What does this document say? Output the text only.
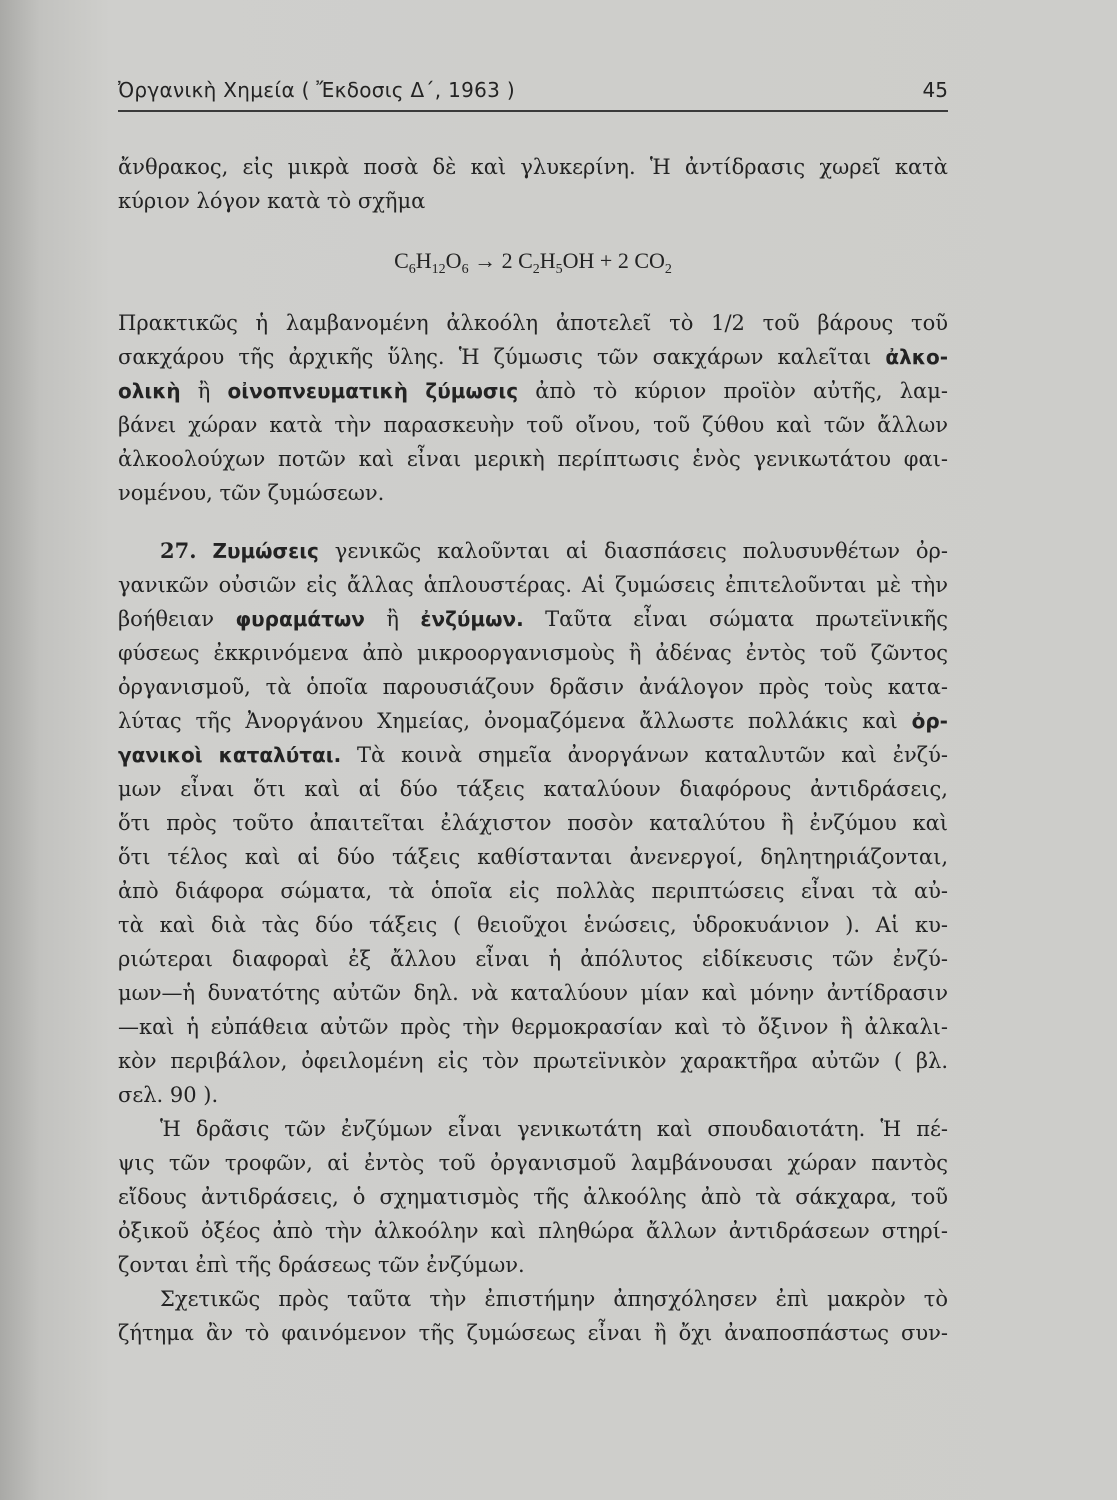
Ὀργανικὴ Χημεία ( Ἔκδοσις Δ΄, 1963 )	45
ἄνθρακος, εἰς μικρὰ ποσὰ δὲ καὶ γλυκερίνη. Ἡ ἀντίδρασις χωρεῖ κατὰ
κύριον λόγον κατὰ τὸ σχῆμα
$C_6H_{12}O_6 \to 2$ $C_2H_5OH + 2$ $CO_2$
Πρακτικῶς ἡ λαμβανομένη ἀλκοόλη ἀποτελεῖ τὸ 1/2 τοῦ βάρους τοῦ
σακχάρου τῆς ἀρχικῆς ὕλης. Ἡ ζύμωσις τῶν σακχάρων καλεῖται ἀλκο-
ολικὴ ἢ οἰνοπνευματικὴ ζύμωσις ἀπὸ τὸ κύριον προϊὸν αὐτῆς, λαμ-
βάνει χώραν κατὰ τὴν παρασκευὴν τοῦ οἴνου, τοῦ ζύθου καὶ τῶν ἄλλων
ἀλκοολούχων ποτῶν καὶ εἶναι μερικὴ περίπτωσις ἑνὸς γενικωτάτου φαι-
νομένου, τῶν ζυμώσεων.
27. Ζυμώσεις γενικῶς καλοῦνται αἱ διασπάσεις πολυσυνθέτων ὀρ-
γανικῶν οὐσιῶν εἰς ἄλλας ἁπλουστέρας. Αἱ ζυμώσεις ἐπιτελοῦνται μὲ τὴν
βοήθειαν φυραμάτων ἢ ἐνζύμων. Ταῦτα εἶναι σώματα πρωτεϊνικῆς
φύσεως ἐκκρινόμενα ἀπὸ μικροοργανισμοὺς ἢ ἀδένας ἐντὸς τοῦ ζῶντος
ὀργανισμοῦ, τὰ ὁποῖα παρουσιάζουν δρᾶσιν ἀνάλογον πρὸς τοὺς κατα-
λύτας τῆς Ἀνοργάνου Χημείας, ὀνομαζόμενα ἄλλωστε πολλάκις καὶ ὀρ-
γανικοὶ καταλύται. Τὰ κοινὰ σημεῖα ἀνοργάνων καταλυτῶν καὶ ἐνζύ-
μων εἶναι ὅτι καὶ αἱ δύο τάξεις καταλύουν διαφόρους ἀντιδράσεις,
ὅτι πρὸς τοῦτο ἀπαιτεῖται ἐλάχιστον ποσὸν καταλύτου ἢ ἐνζύμου καὶ
ὅτι τέλος καὶ αἱ δύο τάξεις καθίστανται ἀνενεργοί, δηλητηριάζονται,
ἀπὸ διάφορα σώματα, τὰ ὁποῖα εἰς πολλὰς περιπτώσεις εἶναι τὰ αὐ-
τὰ καὶ διὰ τὰς δύο τάξεις ( θειοῦχοι ἑνώσεις, ὑδροκυάνιον ). Αἱ κυ-
ριώτεραι διαφοραὶ ἐξ ἄλλου εἶναι ἡ ἀπόλυτος εἰδίκευσις τῶν ἐνζύ-
μων—ἡ δυνατότης αὐτῶν δηλ. νὰ καταλύουν μίαν καὶ μόνην ἀντίδρασιν
—καὶ ἡ εὐπάθεια αὐτῶν πρὸς τὴν θερμοκρασίαν καὶ τὸ ὄξινον ἢ ἀλκαλι-
κὸν περιβάλον, ὀφειλομένη εἰς τὸν πρωτεϊνικὸν χαρακτῆρα αὐτῶν ( βλ.
σελ. 90 ).
Ἡ δρᾶσις τῶν ἐνζύμων εἶναι γενικωτάτη καὶ σπουδαιοτάτη. Ἡ πέ-
ψις τῶν τροφῶν, αἱ ἐντὸς τοῦ ὀργανισμοῦ λαμβάνουσαι χώραν παντὸς
εἴδους ἀντιδράσεις, ὁ σχηματισμὸς τῆς ἀλκοόλης ἀπὸ τὰ σάκχαρα, τοῦ
ὀξικοῦ ὀξέος ἀπὸ τὴν ἀλκοόλην καὶ πληθώρα ἄλλων ἀντιδράσεων στηρί-
ζονται ἐπὶ τῆς δράσεως τῶν ἐνζύμων.
Σχετικῶς πρὸς ταῦτα τὴν ἐπιστήμην ἀπησχόλησεν ἐπὶ μακρὸν τὸ
ζήτημα ἂν τὸ φαινόμενον τῆς ζυμώσεως εἶναι ἢ ὄχι ἀναποσπάστως συν-
